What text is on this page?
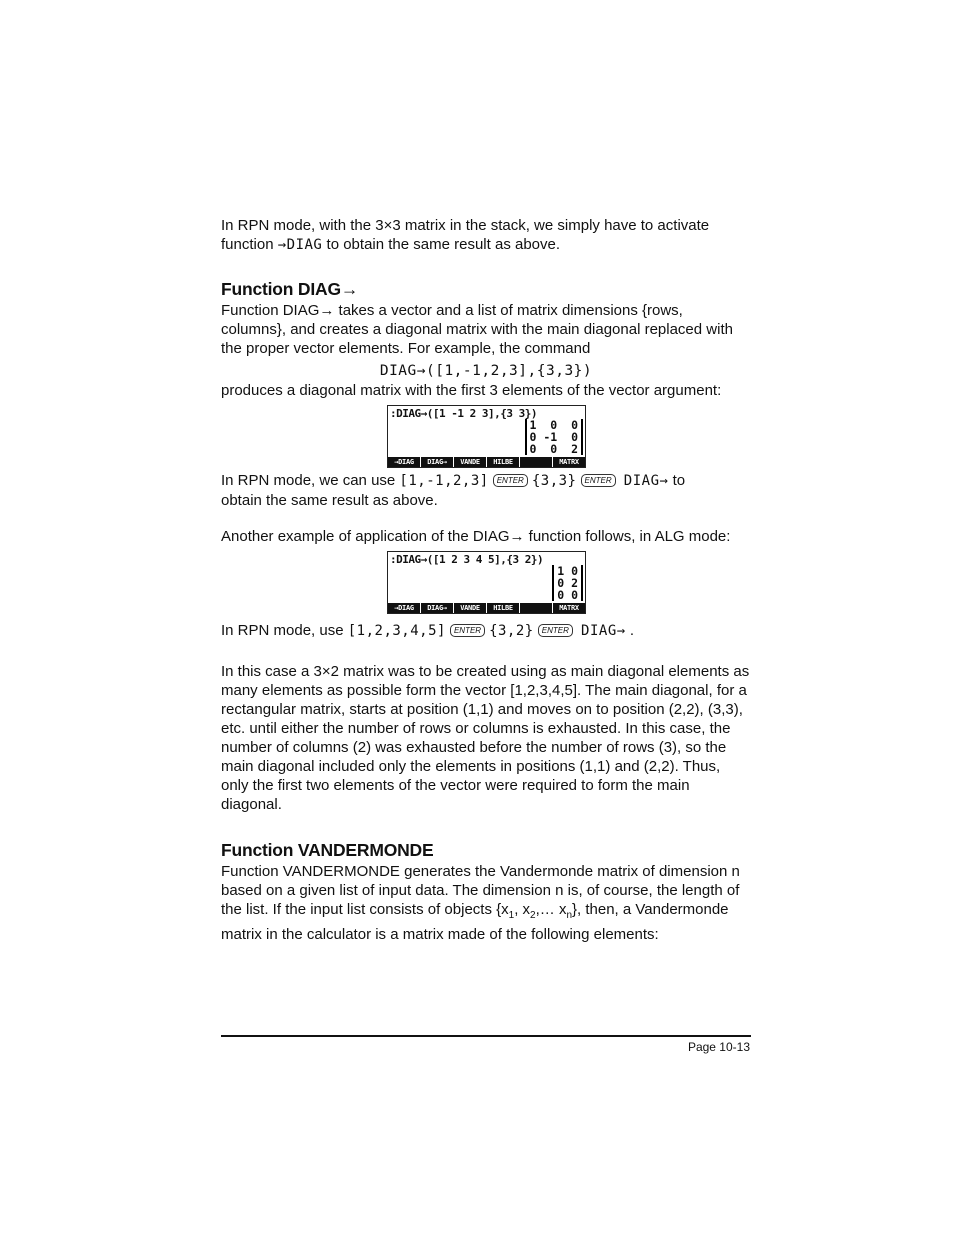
In RPN mode, with the 3×3 matrix in the stack, we simply have to activate
function →DIAG to obtain the same result as above.

Function DIAG→

Function DIAG→ takes a vector and a list of matrix dimensions {rows, columns}, and creates a diagonal matrix with the main diagonal replaced with the proper vector elements. For example, the command

DIAG→([1,-1,2,3],{3,3})

produces a diagonal matrix with the first 3 elements of the vector argument:

:DIAG→([1 -1 2 3],{3 3})
1  0  0
0 -1  0
0  0  2
→DIAG	DIAG→	VANDE	HILBE	MATRX

In RPN mode, we can use [1,-1,2,3] ENTER {3,3} ENTER DIAG→ to
obtain the same result as above.

Another example of application of the DIAG→ function follows, in ALG mode:

:DIAG→([1 2 3 4 5],{3 2})
1 0
0 2
0 0
→DIAG	DIAG→	VANDE	HILBE	MATRX

In RPN mode, use [1,2,3,4,5] ENTER {3,2} ENTER DIAG→ .

In this case a 3×2 matrix was to be created using as main diagonal elements as many elements as possible form the vector [1,2,3,4,5]. The main diagonal, for a rectangular matrix, starts at position (1,1) and moves on to position (2,2), (3,3), etc. until either the number of rows or columns is exhausted. In this case, the number of columns (2) was exhausted before the number of rows (3), so the main diagonal included only the elements in positions (1,1) and (2,2). Thus, only the first two elements of the vector were required to form the main diagonal.

Function VANDERMONDE

Function VANDERMONDE generates the Vandermonde matrix of dimension n based on a given list of input data. The dimension n is, of course, the length of the list. If the input list consists of objects {$x_1$, $x_2,\dots$ $x_n$}, then, a Vandermonde matrix in the calculator is a matrix made of the following elements:

Page 10-13
